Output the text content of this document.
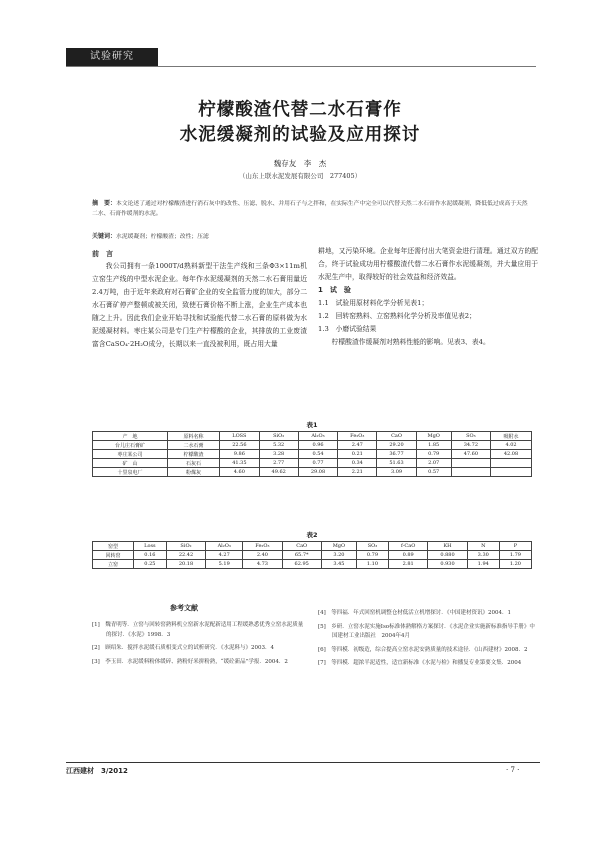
试验研究
柠檬酸渣代替二水石膏作
水泥缓凝剂的试验及应用探讨
魏存友　李　杰
（山东上联水泥发展有限公司　277405）
摘　要：本文论述了通过对柠檬酸渣进行消石灰中的改性、压滤、脱水、并用石子与之拌和，在实际生产中完全可以代替天然二水石膏作水泥缓凝剂，降低低过成高于天然二水、石膏作缓剂的水泥。
关键词：水泥缓凝剂；柠檬酸渣；改性；压滤
前　言

我公司拥有一条1000T/d熟料新型干法生产线和三条Φ3×11m机立窑生产线的中型水泥企业。每年作水泥缓凝剂的天然二水石膏用量近2.4万吨，由于近年来政府对石膏矿企业的安全监管力度的加大，部分二水石膏矿停产整顿或被关闭，致使石膏价格不断上涨，企业生产成本也随之上升。因此我们企业开始寻找和试验能代替二水石膏的原料做为水泥缓凝材料。枣庄某公司是专门生产柠檬酸的企业，其排放的工业废渣富含CaSO₄·2H₂O成分，长期以来一直没被利用，既占用大量

耕地，又污染环境。企业每年还需付出大笔资金进行清理。通过双方的配合，终于试验成功用柠檬酸渣代替二水石膏作水泥缓凝剂，并大量应用于水泥生产中，取得较好的社会效益和经济效益。

1　试　验

1.1　试验用原材料化学分析见表1；

1.2　回转窑熟料、立窑熟料化学分析及率值见表2；

1.3　小磨试验结果

柠檬酸渣作缓凝剂对熟料性能的影响。见表3、表4。

表1
产　地	原料名称	LOSS	SiO₂	Al₂O₃	Fe₂O₃	CaO	MgO	SO₃	吸附水
台儿庄石膏矿	二水石膏	22.56	5.32	0.96	2.47	29.20	1.85	34.72	4.02
枣庄某公司	柠檬酸渣	9.86	3.28	0.54	0.21	36.77	0.79	47.60	42.08
矿　山	石灰石	41.35	2.77	0.77	0.34	51.63	2.07		
十里泉电厂	粉煤灰	4.60	49.62	29.08	2.21	3.09	0.57		
表2
窑型	Loss	SiO₂	Al₂O₃	Fe₂O₃	CaO	MgO	SO₃	f-CaO	KH	N	P
回转窑	0.16	22.42	4.27	2.40	65.7*	3.20	0.79	0.89	0.880	3.30	1.79
立窑	0.25	20.18	5.19	4.73	62.95	3.45	1.10	2.81	0.930	1.94	1.20
参考文献
[1]　魏青明等．立窑与回转窑熟料机立窑新水泥配新适用工程缓熟悉优秀立窑水泥质量的探讨．《水泥》1998．3
[2]　顾绍朱．搅拌水泥缓石质相变式立的试析研究．《水泥料与》2003．4
[3]　李玉田．水泥缓料粉体缓碎、熟粉好米拼粉熟，“缓砼新品”学报．2004．2
[4]　等四福．年式回窑机调整仓材低活立机增探讨．《中国建材资讯》2004．1
[5]　乡研．立窑水泥实施Iso标准体熟解格方案探讨．《水泥企业实施新标准指导手册》中国建材工业出版社　2004年4月
[6]　等四模．初级造，综合提高立窑水泥安熟质量的技术途径．《山西建材》2008．2
[7]　等四模．超浓半泥适性，适宜新标准《水泥与检》和播复专业第要文集．2004
江西建材　3/2012	· 7 ·
